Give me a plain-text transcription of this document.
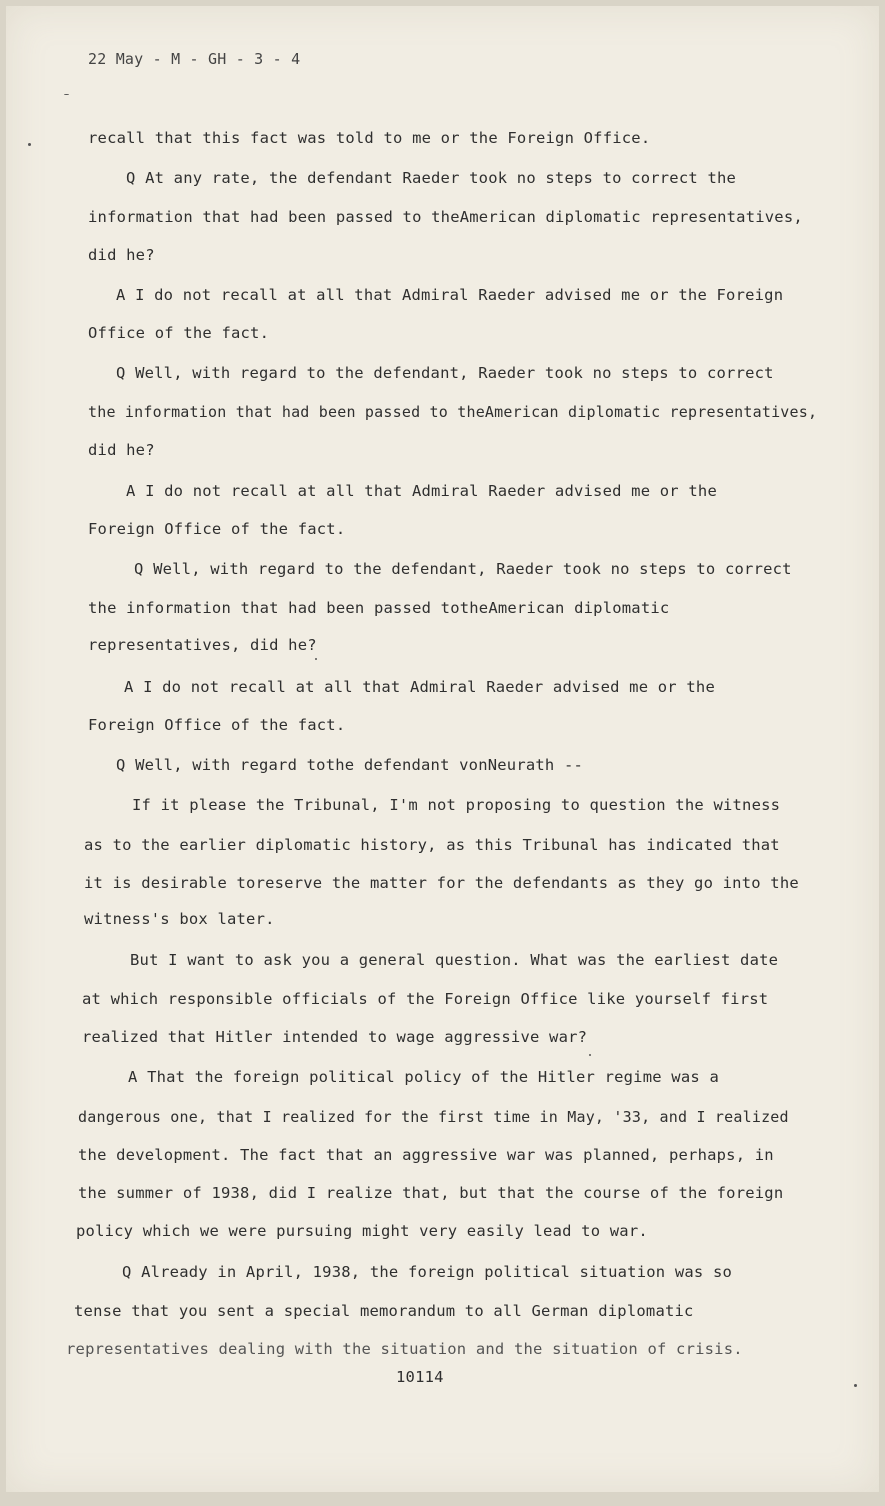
22 May - M - GH - 3 - 4
recall that this fact was told to me or the Foreign Office.
Q At any rate, the defendant Raeder took no steps to correct the
information that had been passed to theAmerican diplomatic representatives,
did he?
A I do not recall at all that Admiral Raeder advised me or the Foreign
Office of the fact.
Q Well, with regard to the defendant, Raeder took no steps to correct
the information that had been passed to theAmerican diplomatic representatives,
did he?
A I do not recall at all that Admiral Raeder advised me or the
Foreign Office of the fact.
Q Well, with regard to the defendant, Raeder took no steps to correct
the information that had been passed totheAmerican diplomatic
representatives, did he?
A I do not recall at all that Admiral Raeder advised me or the
Foreign Office of the fact.
Q Well, with regard tothe defendant vonNeurath --
If it please the Tribunal, I'm not proposing to question the witness
as to the earlier diplomatic history, as this Tribunal has indicated that
it is desirable toreserve the matter for the defendants as they go into the
witness's box later.
But I want to ask you a general question. What was the earliest date
at which responsible officials of the Foreign Office like yourself first
realized that Hitler intended to wage aggressive war?
A That the foreign political policy of the Hitler regime was a
dangerous one, that I realized for the first time in May, '33, and I realized
the development. The fact that an aggressive war was planned, perhaps, in
the summer of 1938, did I realize that, but that the course of the foreign
policy which we were pursuing might very easily lead to war.
Q Already in April, 1938, the foreign political situation was so
tense that you sent a special memorandum to all German diplomatic
representatives dealing with the situation and the situation of crisis.
10114
